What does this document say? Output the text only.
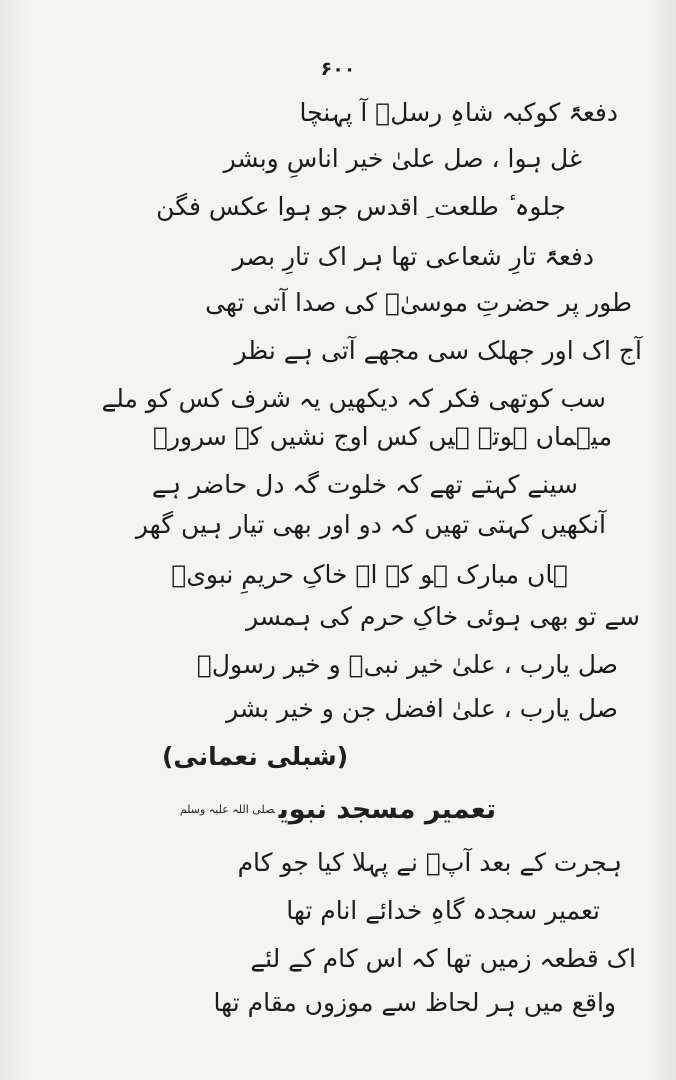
۶۰۰
دفعۃً کوکبہ شاہِ رسلؐ آ پہنچا
غل ہوا ، صل علیٰ خیر اناسِ وبشر
جلوہ ٔ طلعت ِ اقدس جو ہوا عکس فگن
دفعۃً تارِ شعاعی تھا ہر اک تارِ بصر
طور پر حضرتِ موسیٰؑ کی صدا آتی تھی
آج اک اور جھلک سی مجھے آتی ہے نظر
سب کوتھی فکر کہ دیکھیں یہ شرف کس کو ملے
میہماں ہوتے ہیں کس اوج نشیں کے سرورؐ
سینے کہتے تھے کہ خلوت گہ دل حاضر ہے
آنکھیں کہتی تھیں کہ دو اور بھی تیار ہیں گھر
ہاں مبارک ہو کہ اے خاکِ حریمِ نبویؐ
سے تو بھی ہوئی خاکِ حرم کی ہمسر
صل یارب ، علیٰ خیر نبیؐ و خیر رسولؐ
صل یارب ، علیٰ افضل جن و خیر بشر
(شبلی نعمانی)
تعمیر مسجد نبوی$^{صلی اللہ علیہ وسلم}$
ہجرت کے بعد آپؐ نے پہلا کیا جو کام
تعمیر سجدہ گاہِ خدائے انام تھا
اک قطعہ زمیں تھا کہ اس کام کے لئے
واقع میں ہر لحاظ سے موزوں مقام تھا
